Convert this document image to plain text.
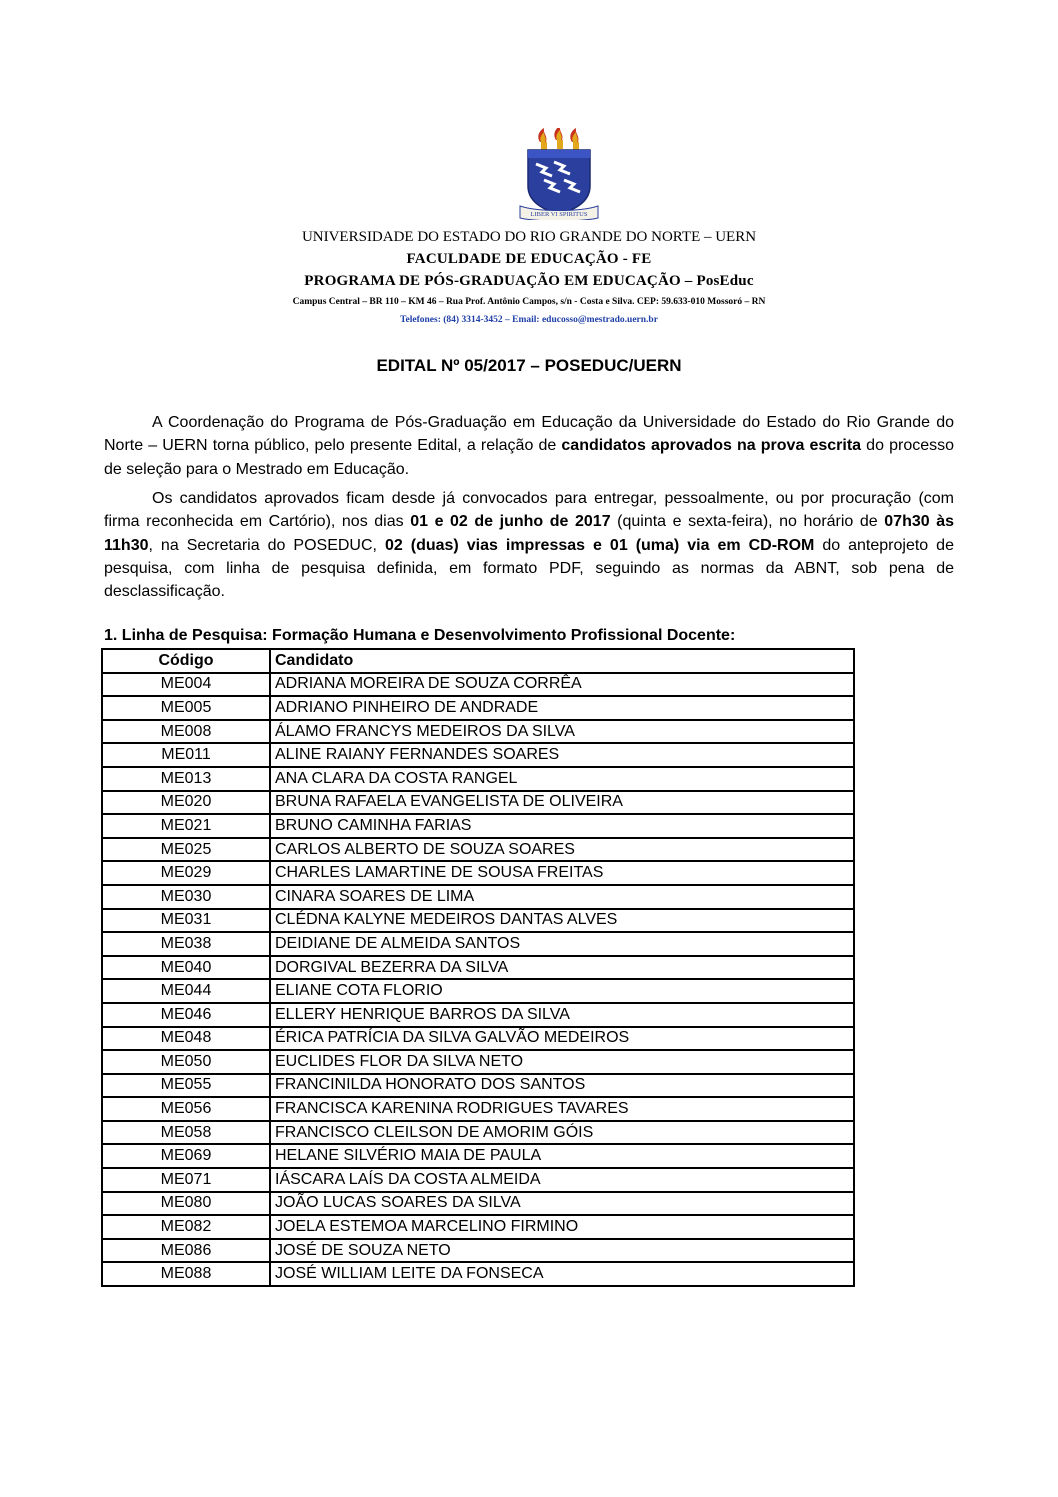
LIBER VI SPIRITUS
UNIVERSIDADE DO ESTADO DO RIO GRANDE DO NORTE – UERN
FACULDADE DE EDUCAÇÃO - FE
PROGRAMA DE PÓS-GRADUAÇÃO EM EDUCAÇÃO – PosEduc
Campus Central – BR 110 – KM 46 – Rua Prof. Antônio Campos, s/n - Costa e Silva. CEP: 59.633-010 Mossoró – RN
Telefones: (84) 3314-3452 – Email: educosso@mestrado.uern.br
EDITAL Nº 05/2017 – POSEDUC/UERN
A Coordenação do Programa de Pós-Graduação em Educação da Universidade do Estado do Rio Grande do Norte – UERN torna público, pelo presente Edital, a relação de candidatos aprovados na prova escrita do processo de seleção para o Mestrado em Educação.
Os candidatos aprovados ficam desde já convocados para entregar, pessoalmente, ou por procuração (com firma reconhecida em Cartório), nos dias 01 e 02 de junho de 2017 (quinta e sexta-feira), no horário de 07h30 às 11h30, na Secretaria do POSEDUC, 02 (duas) vias impressas e 01 (uma) via em CD-ROM do anteprojeto de pesquisa, com linha de pesquisa definida, em formato PDF, seguindo as normas da ABNT, sob pena de desclassificação.
1. Linha de Pesquisa: Formação Humana e Desenvolvimento Profissional Docente:
Código	Candidato
ME004	ADRIANA MOREIRA DE SOUZA CORRÊA
ME005	ADRIANO PINHEIRO DE ANDRADE
ME008	ÁLAMO FRANCYS MEDEIROS DA SILVA
ME011	ALINE RAIANY FERNANDES SOARES
ME013	ANA CLARA DA COSTA RANGEL
ME020	BRUNA RAFAELA EVANGELISTA DE OLIVEIRA
ME021	BRUNO CAMINHA FARIAS
ME025	CARLOS ALBERTO DE SOUZA SOARES
ME029	CHARLES LAMARTINE DE SOUSA FREITAS
ME030	CINARA SOARES DE LIMA
ME031	CLÉDNA KALYNE MEDEIROS DANTAS ALVES
ME038	DEIDIANE DE ALMEIDA SANTOS
ME040	DORGIVAL BEZERRA DA SILVA
ME044	ELIANE COTA FLORIO
ME046	ELLERY HENRIQUE BARROS DA SILVA
ME048	ÉRICA PATRÍCIA DA SILVA GALVÃO MEDEIROS
ME050	EUCLIDES FLOR DA SILVA NETO
ME055	FRANCINILDA HONORATO DOS SANTOS
ME056	FRANCISCA KARENINA RODRIGUES TAVARES
ME058	FRANCISCO CLEILSON DE AMORIM GÓIS
ME069	HELANE SILVÉRIO MAIA DE PAULA
ME071	IÁSCARA LAÍS DA COSTA ALMEIDA
ME080	JOÃO LUCAS SOARES DA SILVA
ME082	JOELA ESTEMOA MARCELINO FIRMINO
ME086	JOSÉ DE SOUZA NETO
ME088	JOSÉ WILLIAM LEITE DA FONSECA
